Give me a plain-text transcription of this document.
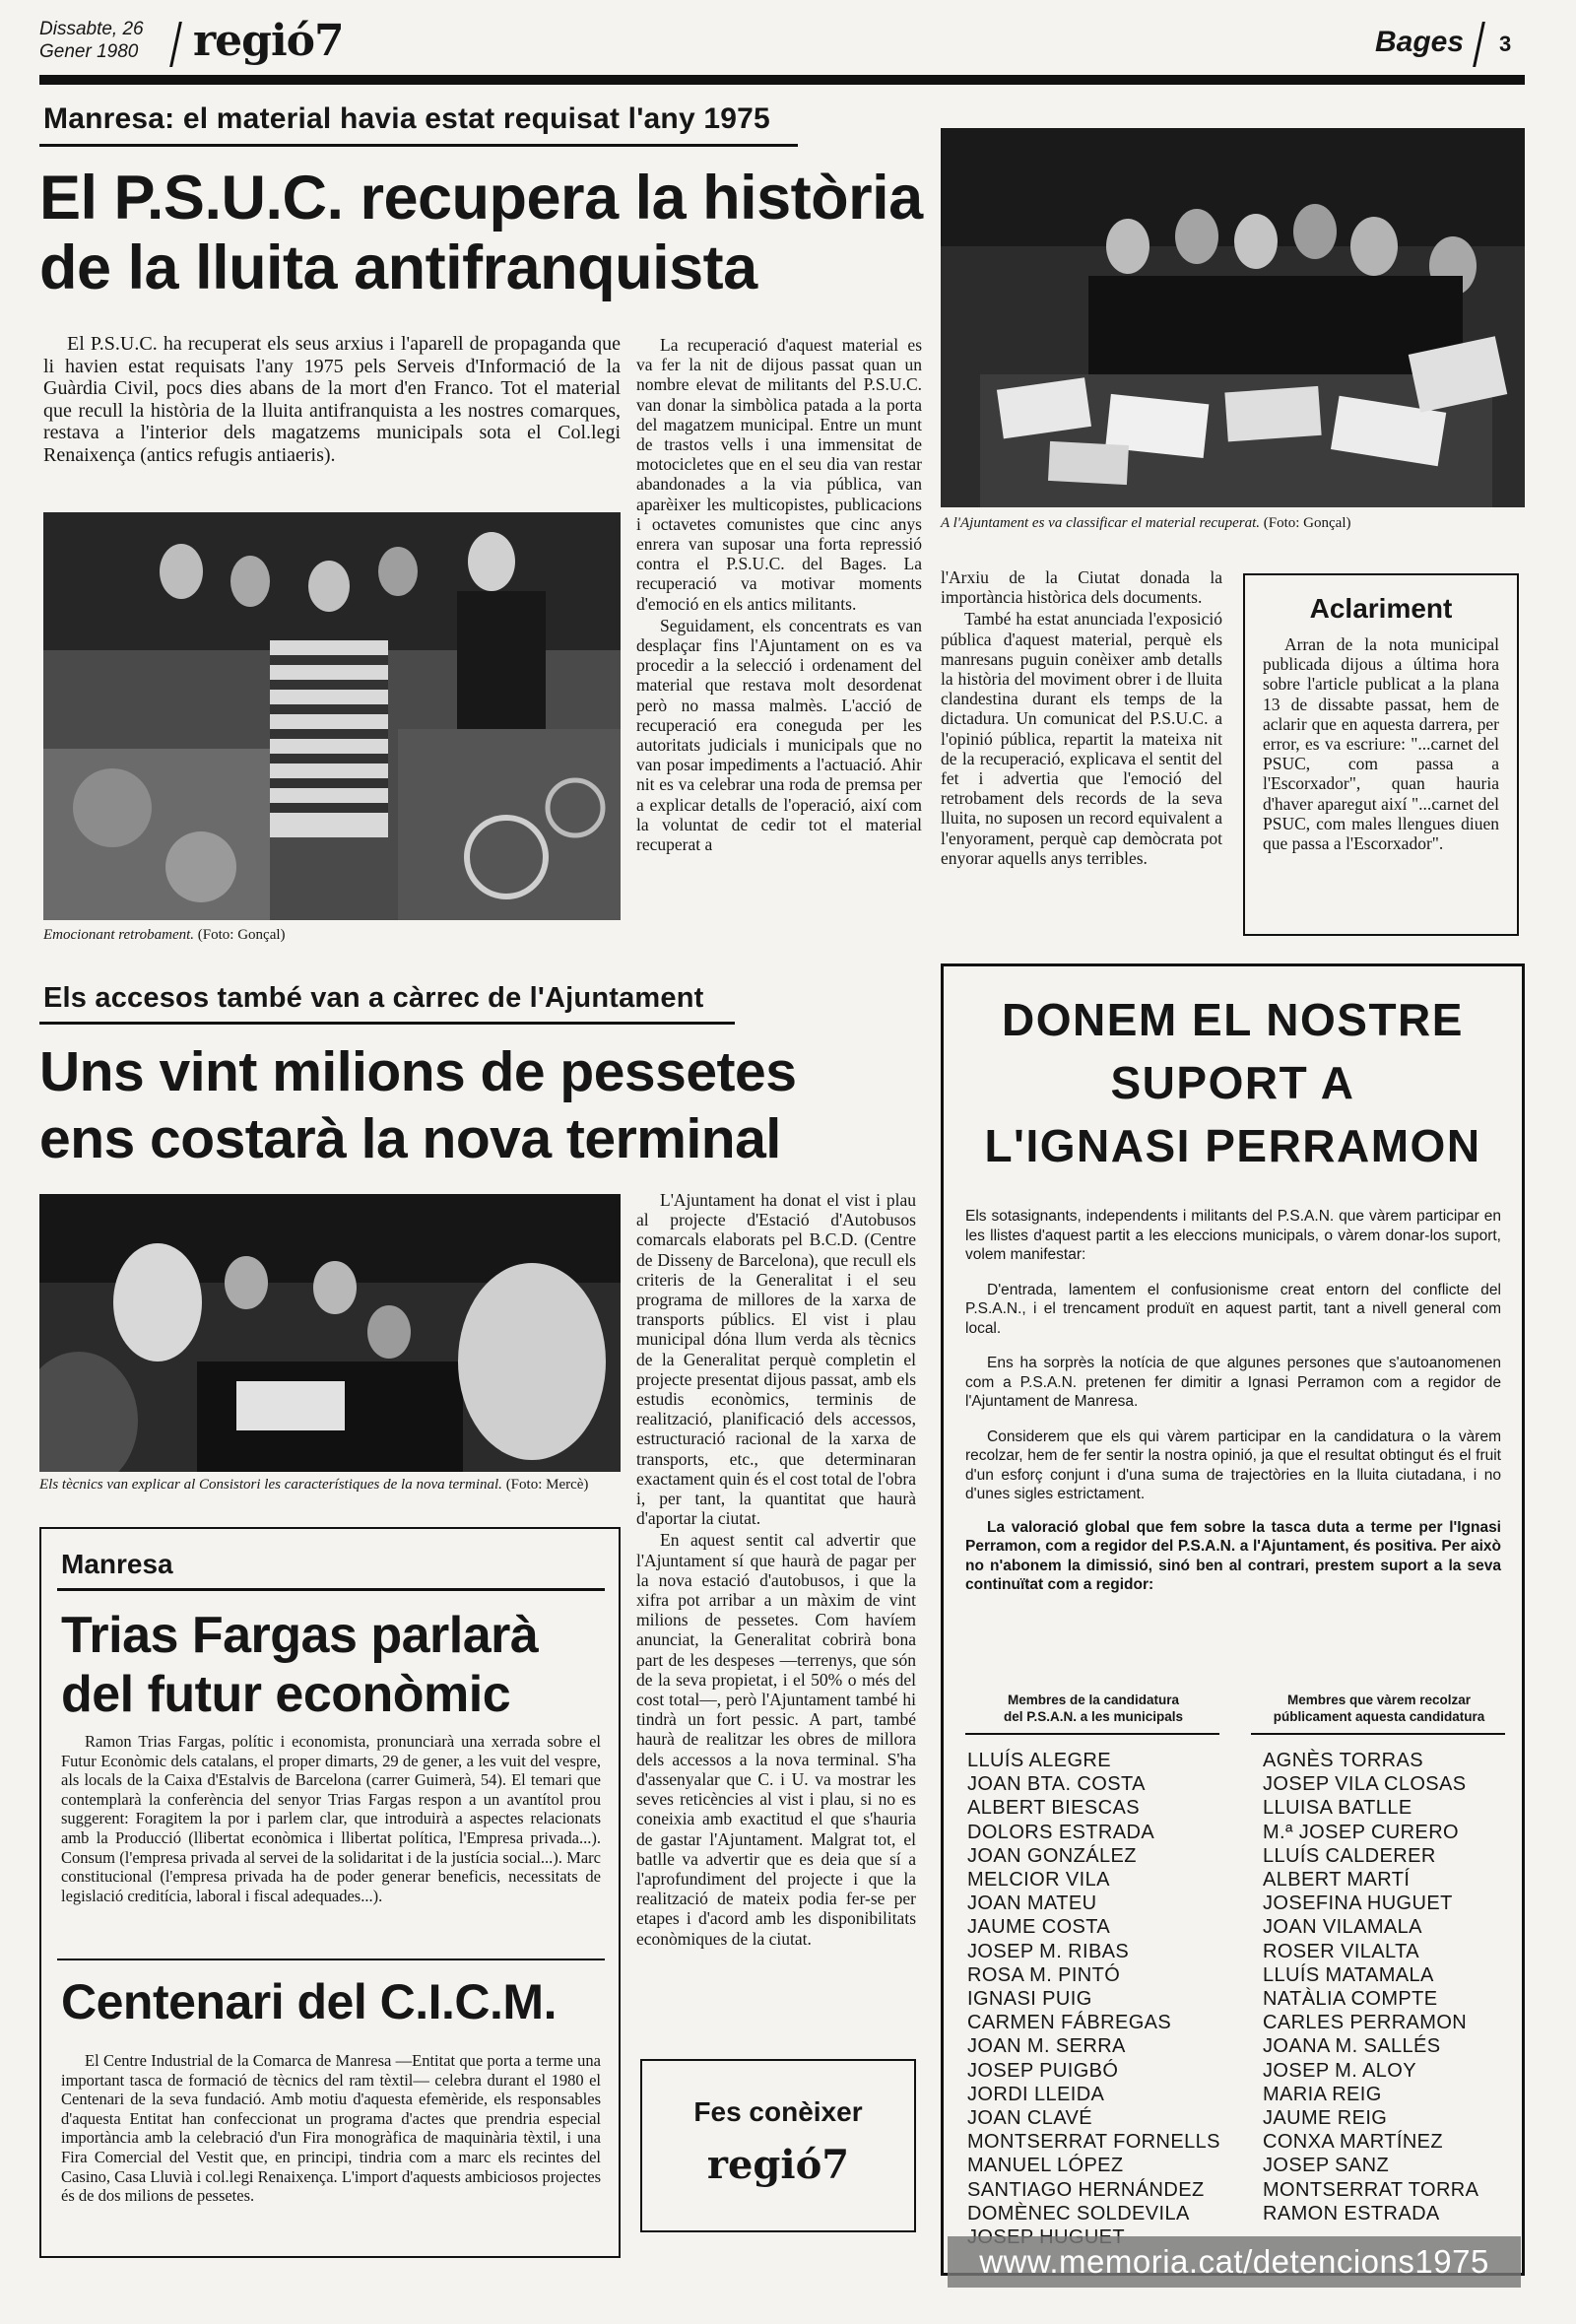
Dissabte, 26
Gener 1980 regió7	Bages 3
Manresa: el material havia estat requisat l'any 1975
El P.S.U.C. recupera la història
de la lluita antifranquista

El P.S.U.C. ha recuperat els seus arxius i l'aparell de propaganda que li havien estat requisats l'any 1975 pels Serveis d'Informació de la Guàrdia Civil, pocs dies abans de la mort d'en Franco. Tot el material que recull la història de la lluita antifranquista a les nostres comarques, restava a l'interior dels magatzems municipals sota el Col.legi Renaixença (antics refugis antiaeris).

Emocionant retrobament. (Foto: Gonçal)

La recuperació d'aquest material es va fer la nit de dijous passat quan un nombre elevat de militants del P.S.U.C. van donar la simbòlica patada a la porta del magatzem municipal. Entre un munt de trastos vells i una immensitat de motocicletes que en el seu dia van restar abandonades a la via pública, van aparèixer les multicopistes, publicacions i octavetes comunistes que cinc anys enrera van suposar una forta repressió contra el P.S.U.C. del Bages. La recuperació va motivar moments d'emoció en els antics militants.

Seguidament, els concentrats es van desplaçar fins l'Ajuntament on es va procedir a la selecció i ordenament del material que restava molt desordenat però no massa malmès. L'acció de recuperació era coneguda per les autoritats judicials i municipals que no van posar impediments a l'actuació. Ahir nit es va celebrar una roda de premsa per a explicar detalls de l'operació, així com la voluntat de cedir tot el material recuperat a

A l'Ajuntament es va classificar el material recuperat. (Foto: Gonçal)

l'Arxiu de la Ciutat donada la importància històrica dels documents.

També ha estat anunciada l'exposició pública d'aquest material, perquè els manresans puguin conèixer amb detalls la història del moviment obrer i de lluita clandestina durant els temps de la dictadura. Un comunicat del P.S.U.C. a l'opinió pública, repartit la mateixa nit de la recuperació, explicava el sentit del fet i advertia que l'emoció del retrobament dels records de la seva lluita, no suposen un record equivalent a l'enyorament, perquè cap demòcrata pot enyorar aquells anys terribles.

Aclariment

Arran de la nota municipal publicada dijous a última hora sobre l'article publicat a la plana 13 de dissabte passat, hem de aclarir que en aquesta darrera, per error, es va escriure: "...carnet del PSUC, com passa a l'Escorxador", quan hauria d'haver aparegut així "...carnet del PSUC, com males llengues diuen que passa a l'Escorxador".

Els accesos també van a càrrec de l'Ajuntament
Uns vint milions de pessetes
ens costarà la nova terminal
Els tècnics van explicar al Consistori les característiques de la nova terminal. (Foto: Mercè)

L'Ajuntament ha donat el vist i plau al projecte d'Estació d'Autobusos comarcals elaborats pel B.C.D. (Centre de Disseny de Barcelona), que recull els criteris de la Generalitat i el seu programa de millores de la xarxa de transports públics. El vist i plau municipal dóna llum verda als tècnics de la Generalitat perquè completin el projecte presentat dijous passat, amb els estudis econòmics, terminis de realització, planificació dels accessos, estructuració racional de la xarxa de transports, etc., que determinaran exactament quin és el cost total de l'obra i, per tant, la quantitat que haurà d'aportar la ciutat.

En aquest sentit cal advertir que l'Ajuntament sí que haurà de pagar per la nova estació d'autobusos, i que la xifra pot arribar a un màxim de vint milions de pessetes. Com havíem anunciat, la Generalitat cobrirà bona part de les despeses —terrenys, que són de la seva propietat, i el 50% o més del cost total—, però l'Ajuntament també hi tindrà un fort pessic. A part, també haurà de realitzar les obres de millora dels accessos a la nova terminal. S'ha d'assenyalar que C. i U. va mostrar les seves reticències al vist i plau, si no es coneixia amb exactitud el que s'hauria de gastar l'Ajuntament. Malgrat tot, el batlle va advertir que es deia que sí a l'aprofundiment del projecte i que la realització de mateix podia fer-se per etapes i d'acord amb les disponibilitats econòmiques de la ciutat.

Manresa
Trias Fargas parlarà
del futur econòmic

Ramon Trias Fargas, polític i economista, pronunciarà una xerrada sobre el Futur Econòmic dels catalans, el proper dimarts, 29 de gener, a les vuit del vespre, als locals de la Caixa d'Estalvis de Barcelona (carrer Guimerà, 54). El temari que contemplarà la conferència del senyor Trias Fargas respon a un avantítol prou suggerent: Foragitem la por i parlem clar, que introduirà a aspectes relacionats amb la Producció (llibertat econòmica i llibertat política, l'Empresa privada...). Consum (l'empresa privada al servei de la solidaritat i de la justícia social...). Marc constitucional (l'empresa privada ha de poder generar beneficis, necessitats de legislació creditícia, laboral i fiscal adequades...).

Centenari del C.I.C.M.

El Centre Industrial de la Comarca de Manresa —Entitat que porta a terme una important tasca de formació de tècnics del ram tèxtil— celebra durant el 1980 el Centenari de la seva fundació. Amb motiu d'aquesta efemèride, els responsables d'aquesta Entitat han confeccionat un programa d'actes que prendria especial importància amb la celebració d'un Fira monogràfica de maquinària tèxtil, i una Fira Comercial del Vestit que, en principi, tindria com a marc els recintes del Casino, Casa Lluvià i col.legi Renaixença. L'import d'aquests ambiciosos projectes és de dos milions de pessetes.

Fes conèixer
regió7
DONEM EL NOSTRE
SUPORT A
L'IGNASI PERRAMON

Els sotasignants, independents i militants del P.S.A.N. que vàrem participar en les llistes d'aquest partit a les eleccions municipals, o vàrem donar-los suport, volem manifestar:

D'entrada, lamentem el confusionisme creat entorn del conflicte del P.S.A.N., i el trencament produït en aquest partit, tant a nivell general com local.

Ens ha sorprès la notícia de que algunes persones que s'autoanomenen com a P.S.A.N. pretenen fer dimitir a Ignasi Perramon com a regidor de l'Ajuntament de Manresa.

Considerem que els qui vàrem participar en la candidatura o la vàrem recolzar, hem de fer sentir la nostra opinió, ja que el resultat obtingut és el fruit d'un esforç conjunt i d'una suma de trajectòries en la lluita ciutadana, i no d'unes sigles estrictament.

La valoració global que fem sobre la tasca duta a terme per l'Ignasi Perramon, com a regidor del P.S.A.N. a l'Ajuntament, és positiva. Per això no n'abonem la dimissió, sinó ben al contrari, prestem suport a la seva continuïtat com a regidor:

Membres de la candidatura
del P.S.A.N. a les municipals
Membres que vàrem recolzar
públicament aquesta candidatura
LLUÍS ALEGRE
JOAN BTA. COSTA
ALBERT BIESCAS
DOLORS ESTRADA
JOAN GONZÁLEZ
MELCIOR VILA
JOAN MATEU
JAUME COSTA
JOSEP M. RIBAS
ROSA M. PINTÓ
IGNASI PUIG
CARMEN FÁBREGAS
JOAN M. SERRA
JOSEP PUIGBÓ
JORDI LLEIDA
JOAN CLAVÉ
MONTSERRAT FORNELLS
MANUEL LÓPEZ
SANTIAGO HERNÁNDEZ
DOMÈNEC SOLDEVILA
AGNÈS TORRAS
JOSEP VILA CLOSAS
LLUISA BATLLE
M.ª JOSEP CURERO
LLUÍS CALDERER
ALBERT MARTÍ
JOSEFINA HUGUET
JOAN VILAMALA
ROSER VILALTA
LLUÍS MATAMALA
NATÀLIA COMPTE
CARLES PERRAMON
JOANA M. SALLÉS
JOSEP M. ALOY
MARIA REIG
JAUME REIG
CONXA MARTÍNEZ
JOSEP SANZ
MONTSERRAT TORRA
RAMON ESTRADA
www.memoria.cat/detencions1975
